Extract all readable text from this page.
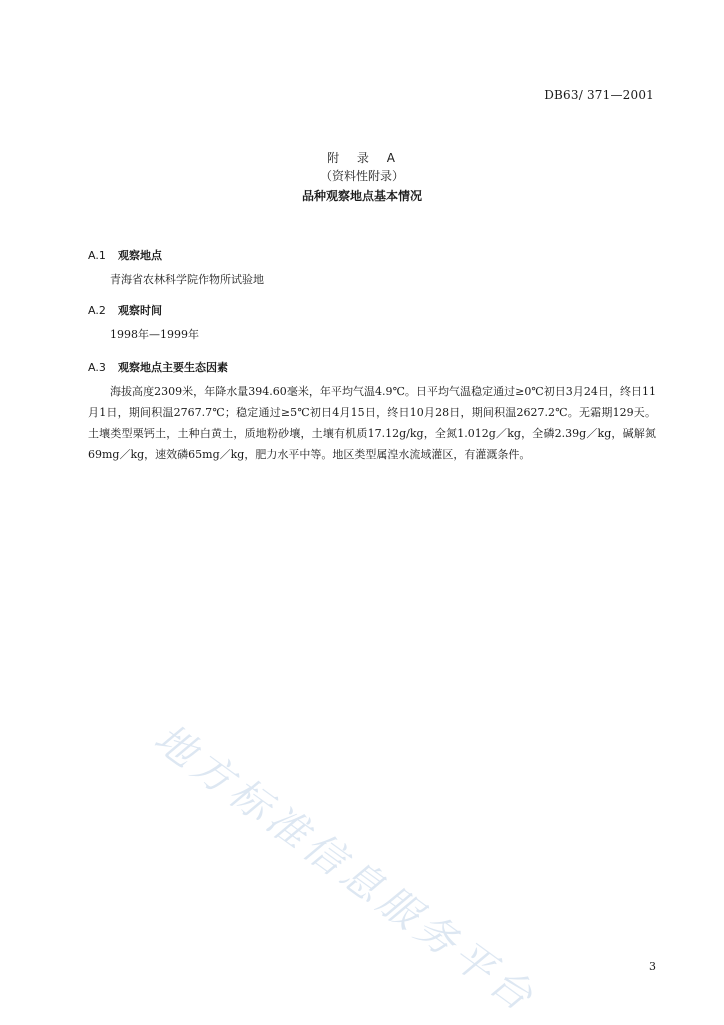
DB63/ 371—2001
附 录 A
（资料性附录）
品种观察地点基本情况
A.1	观察地点
青海省农林科学院作物所试验地
A.2	观察时间
1998年—1999年
A.3	观察地点主要生态因素
海拔高度2309米，年降水量394.60毫米，年平均气温4.9℃。日平均气温稳定通过≥0℃初日3月24日，终日11月1日，期间积温2767.7℃；稳定通过≥5℃初日4月15日，终日10月28日，期间积温2627.2℃。无霜期129天。土壤类型栗钙土，土种白黄土，质地粉砂壤，土壤有机质17.12g/kg，全氮1.012g／kg，全磷2.39g／kg，碱解氮69mg／kg，速效磷65mg／kg，肥力水平中等。地区类型属湟水流域灌区，有灌溉条件。
地方标准信息服务平台	3
